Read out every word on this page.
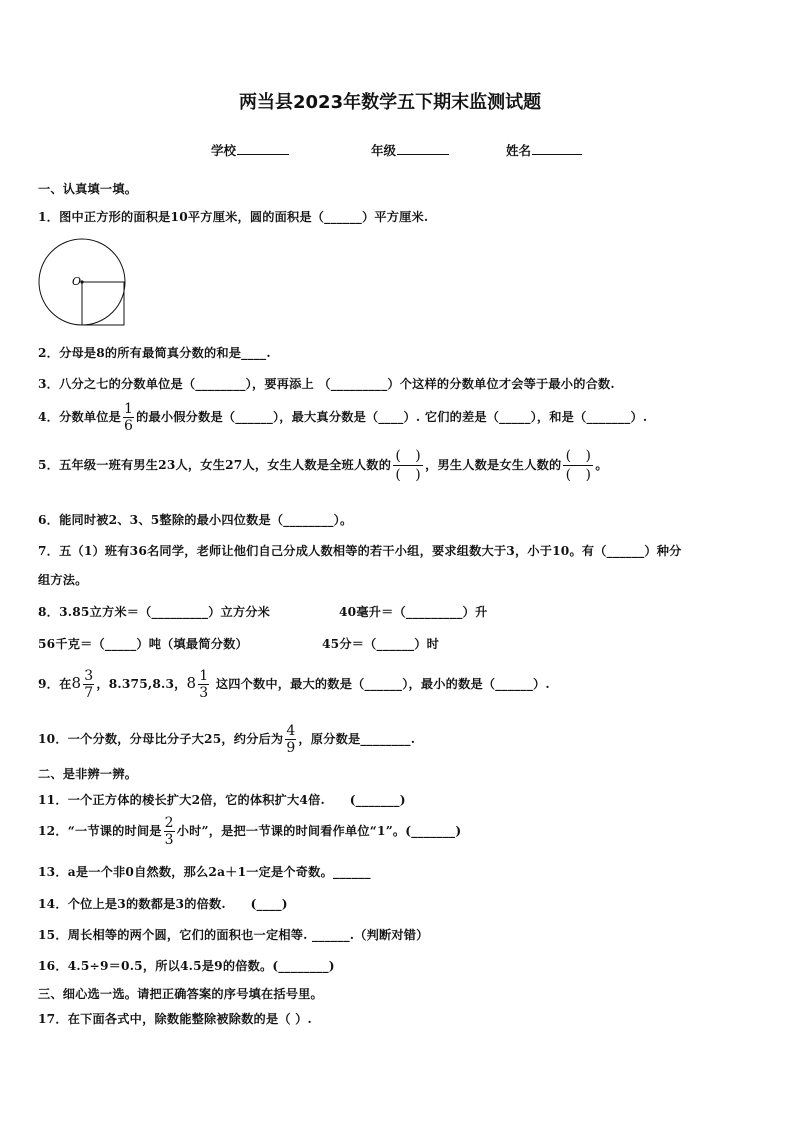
两当县2023年数学五下期末监测试题
学校	年级	姓名
一、认真填一填。
1．图中正方形的面积是10平方厘米，圆的面积是（______）平方厘米.
O
2．分母是8的所有最简真分数的和是____.
3．八分之七的分数单位是（________），要再添上 （_________）个这样的分数单位才会等于最小的合数.
4．分数单位是 $\frac{1}{6}$ 的最小假分数是（______），最大真分数是（____）. 它们的差是（_____），和是（_______）.
5．五年级一班有男生23人，女生27人，女生人数是全班人数的
(  )
(  )
，男生人数是女生人数的
(  )
(  )
。
6．能同时被2、3、5整除的最小四位数是（________）。
7．五（1）班有36名同学，老师让他们自己分成人数相等的若干小组，要求组数大于3，小于10。有（______）种分
组方法。
8．3.85立方米＝（_________）立方分米	40毫升＝（_________）升
56千克＝（_____）吨（填最简分数）	45分＝（______）时
9．在$8 \frac{3}{7}$ ，8.375,8.3，$8 \frac{1}{3}$ 这四个数中，最大的数是（______），最小的数是（______）.
10．一个分数，分母比分子大25，约分后为 $\frac{4}{9}$ ，原分数是________.
二、是非辨一辨。
11．一个正方体的棱长扩大2倍，它的体积扩大4倍.　　(_______)
12．“一节课的时间是 $\frac{2}{3}$ 小时”，是把一节课的时间看作单位“1”。(_______)
13．a是一个非0自然数，那么2a＋1一定是个奇数。______
14．个位上是3的数都是3的倍数.　　(____)
15．周长相等的两个圆，它们的面积也一定相等. ______.（判断对错）
16．4.5÷9＝0.5，所以4.5是9的倍数。(________)
三、细心选一选。请把正确答案的序号填在括号里。
17．在下面各式中，除数能整除被除数的是（ ）.
